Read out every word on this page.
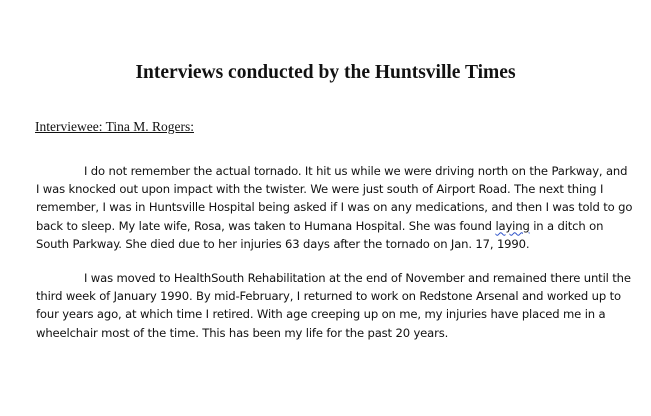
Interviews conducted by the Huntsville Times
Interviewee: Tina M. Rogers:
I do not remember the actual tornado. It hit us while we were driving north on the Parkway, and
I was knocked out upon impact with the twister. We were just south of Airport Road. The next thing I
remember, I was in Huntsville Hospital being asked if I was on any medications, and then I was told to go
back to sleep. My late wife, Rosa, was taken to Humana Hospital. She was found laying in a ditch on
South Parkway. She died due to her injuries 63 days after the tornado on Jan. 17, 1990.
I was moved to HealthSouth Rehabilitation at the end of November and remained there until the
third week of January 1990. By mid-February, I returned to work on Redstone Arsenal and worked up to
four years ago, at which time I retired. With age creeping up on me, my injuries have placed me in a
wheelchair most of the time. This has been my life for the past 20 years.
